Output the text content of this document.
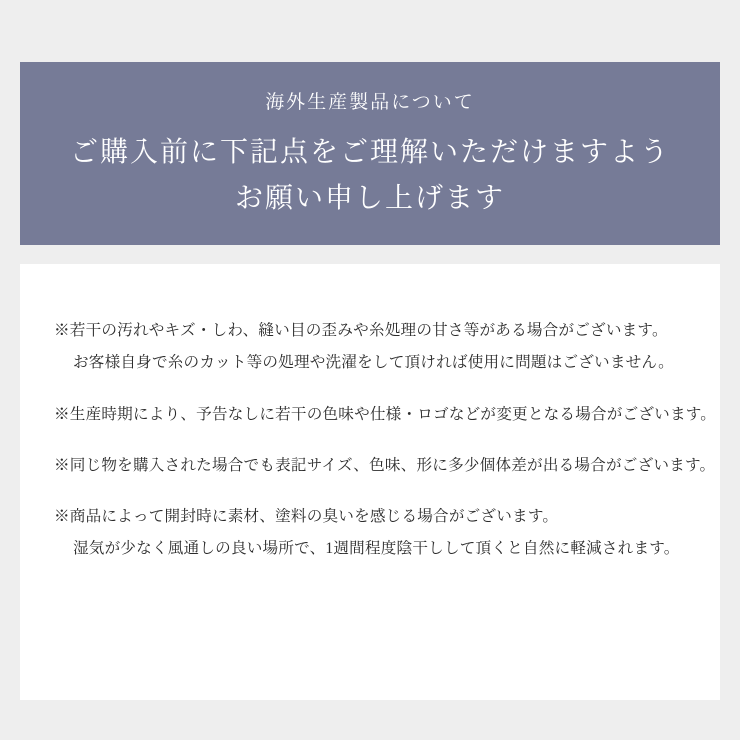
海外生産製品について
ご購入前に下記点をご理解いただけますよう
お願い申し上げます
※若干の汚れやキズ・しわ、縫い目の歪みや糸処理の甘さ等がある場合がございます。
お客様自身で糸のカット等の処理や洗濯をして頂ければ使用に問題はございません。
※生産時期により、予告なしに若干の色味や仕様・ロゴなどが変更となる場合がございます。
※同じ物を購入された場合でも表記サイズ、色味、形に多少個体差が出る場合がございます。
※商品によって開封時に素材、塗料の臭いを感じる場合がございます。
湿気が少なく風通しの良い場所で、1週間程度陰干しして頂くと自然に軽減されます。
